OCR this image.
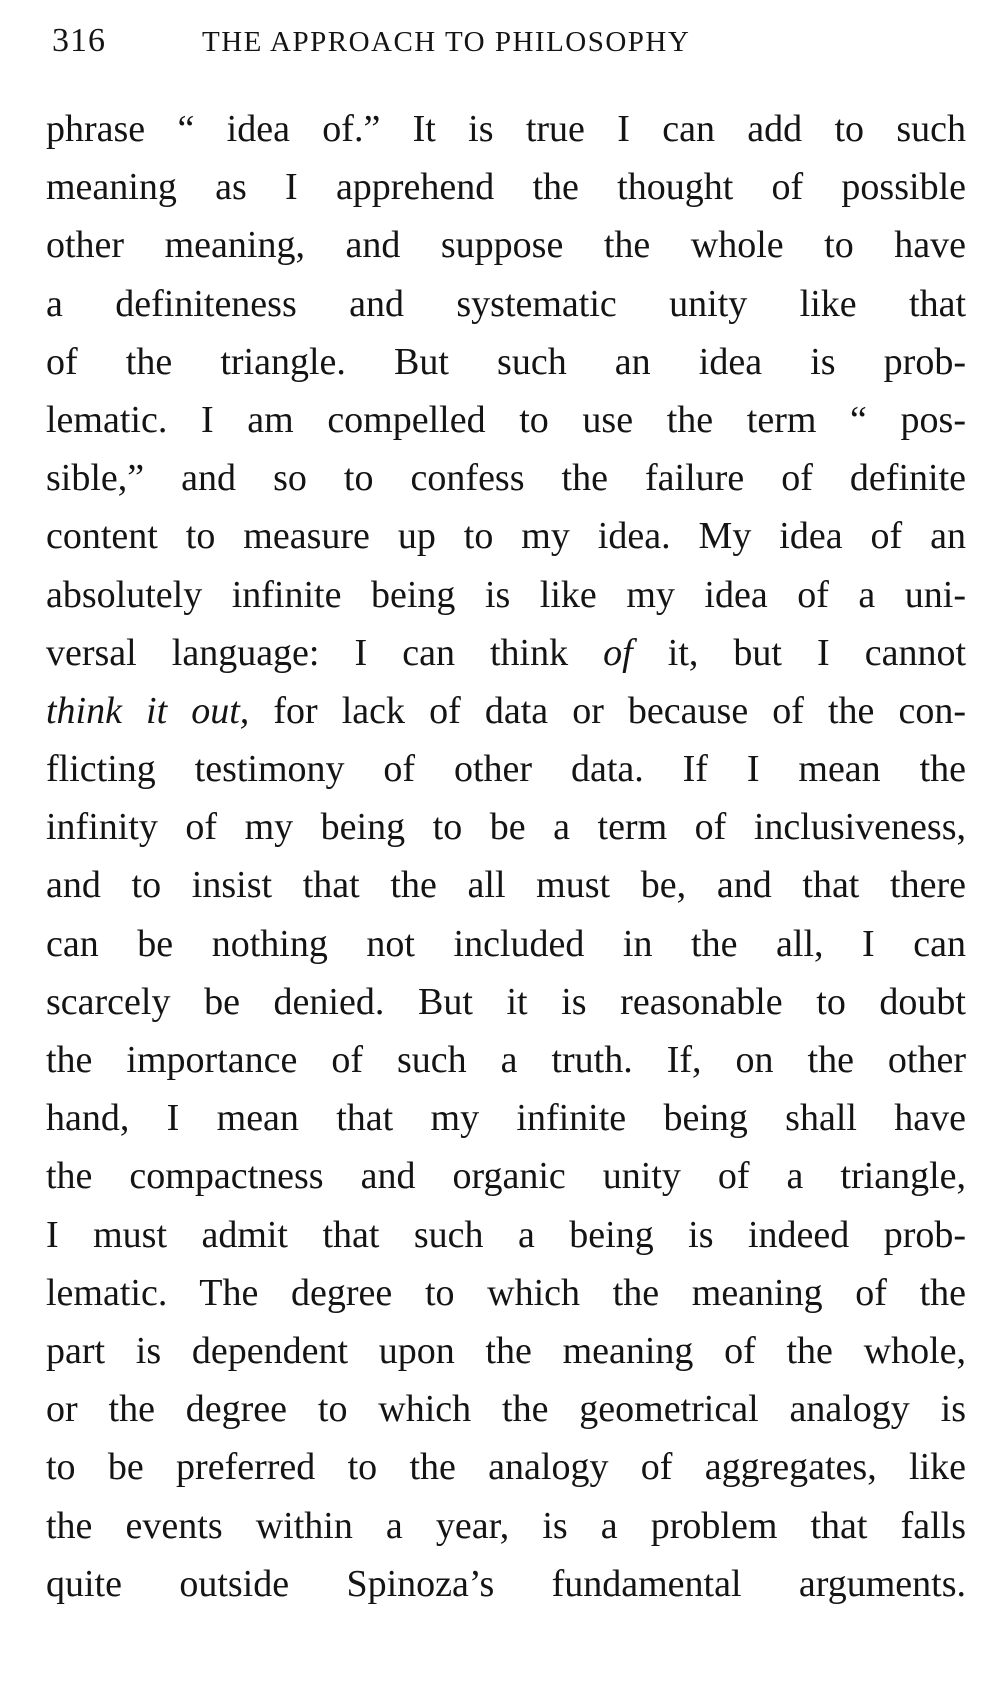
316	THE APPROACH TO PHILOSOPHY
phrase “ idea of.” It is true I can add to such
meaning as I apprehend the thought of possible
other meaning, and suppose the whole to have
a definiteness and systematic unity like that
of the triangle. But such an idea is prob-
lematic. I am compelled to use the term “ pos-
sible,” and so to confess the failure of definite
content to measure up to my idea. My idea of an
absolutely infinite being is like my idea of a uni-
versal language: I can think of it, but I cannot
think it out, for lack of data or because of the con-
flicting testimony of other data. If I mean the
infinity of my being to be a term of inclusiveness,
and to insist that the all must be, and that there
can be nothing not included in the all, I can
scarcely be denied. But it is reasonable to doubt
the importance of such a truth. If, on the other
hand, I mean that my infinite being shall have
the compactness and organic unity of a triangle,
I must admit that such a being is indeed prob-
lematic. The degree to which the meaning of the
part is dependent upon the meaning of the whole,
or the degree to which the geometrical analogy is
to be preferred to the analogy of aggregates, like
the events within a year, is a problem that falls
quite outside Spinoza’s fundamental arguments.
